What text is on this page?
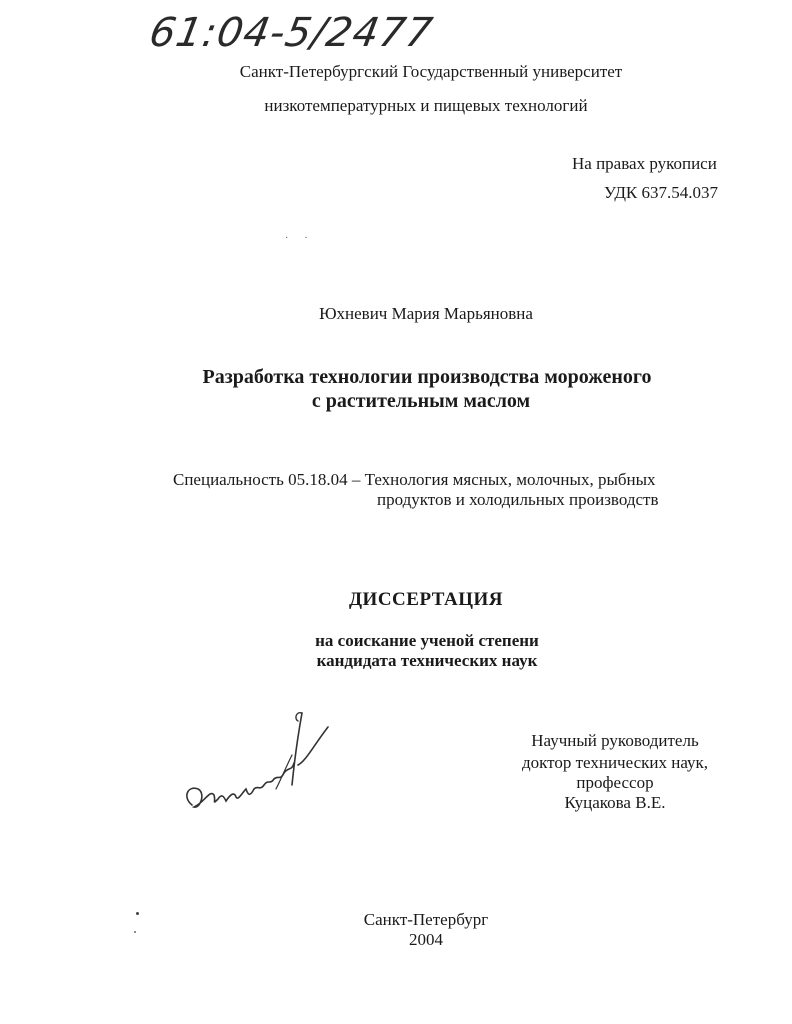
61:04-5/2477
Санкт-Петербургский Государственный университет
низкотемпературных и пищевых технологий
На правах рукописи
УДК 637.54.037
··
Юхневич Мария Марьяновна
Разработка технологии производства мороженого
с растительным маслом
Специальность 05.18.04 – Технология мясных, молочных, рыбных
продуктов и холодильных производств
ДИССЕРТАЦИЯ
на соискание ученой степени
кандидата технических наук
Научный руководитель
доктор технических наук,
профессор
Куцакова В.Е.
Санкт-Петербург
2004
